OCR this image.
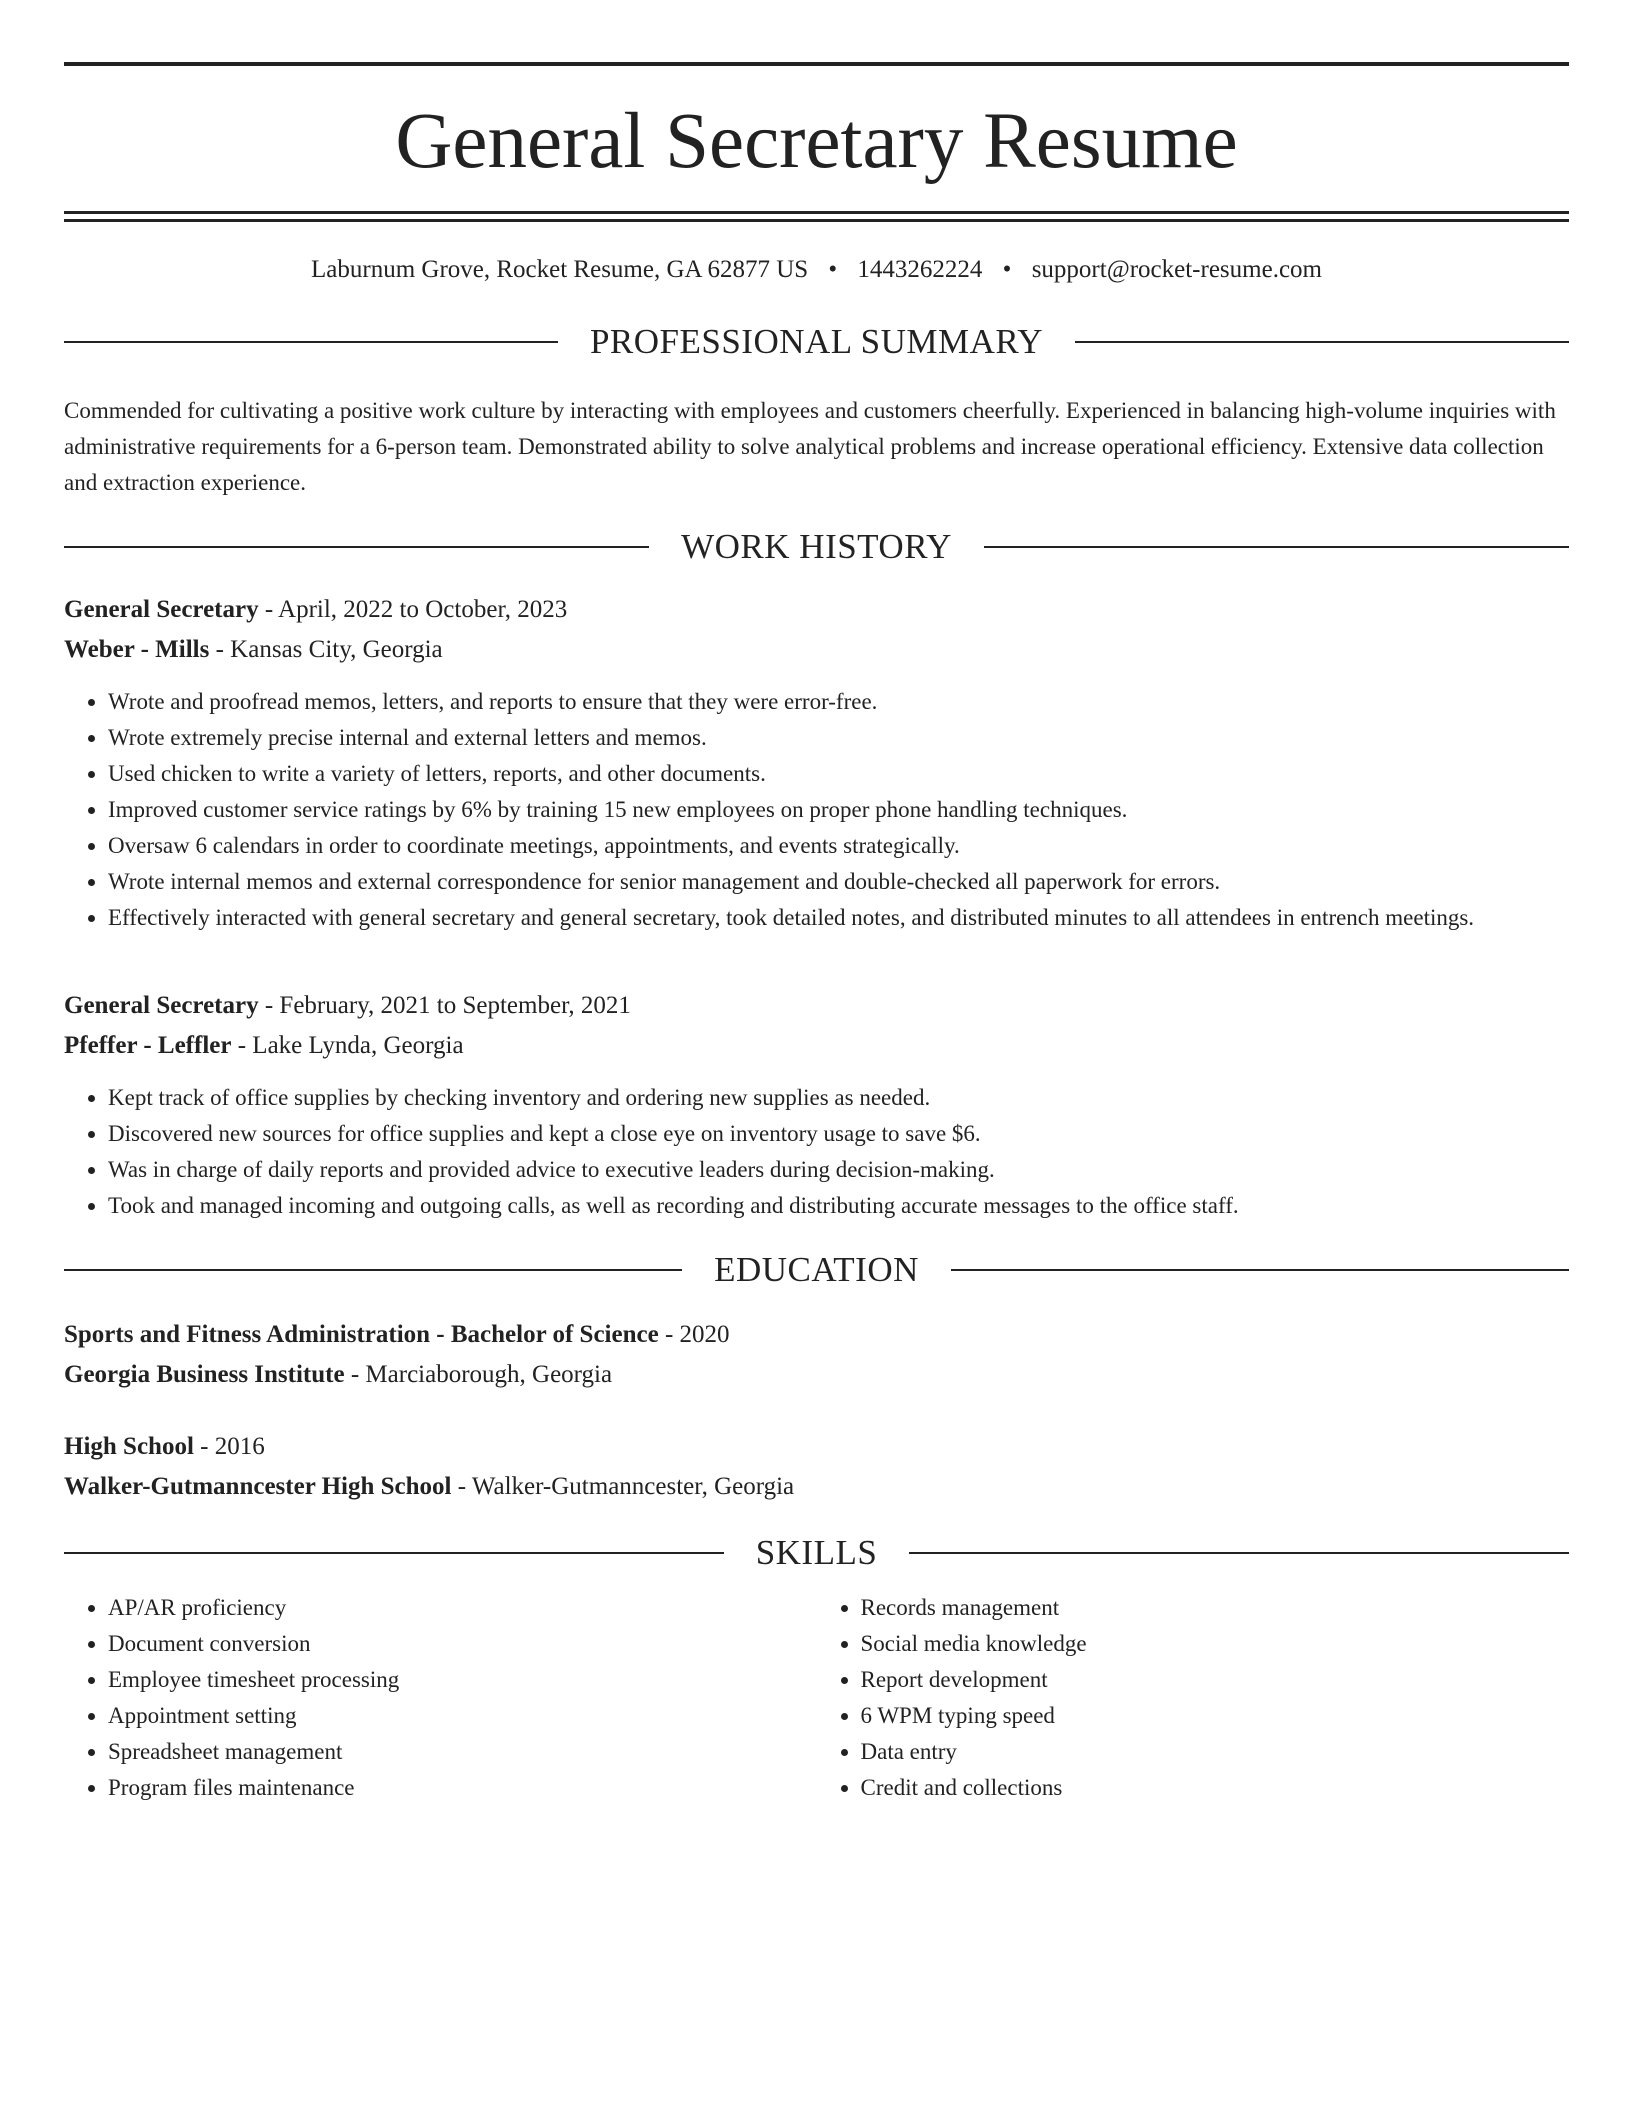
General Secretary Resume
Laburnum Grove, Rocket Resume, GA 62877 US • 1443262224 • support@rocket-resume.com
PROFESSIONAL SUMMARY
Commended for cultivating a positive work culture by interacting with employees and customers cheerfully. Experienced in balancing high-volume inquiries with administrative requirements for a 6-person team. Demonstrated ability to solve analytical problems and increase operational efficiency. Extensive data collection and extraction experience.
WORK HISTORY
General Secretary - April, 2022 to October, 2023
Weber - Mills - Kansas City, Georgia
• Wrote and proofread memos, letters, and reports to ensure that they were error-free.
• Wrote extremely precise internal and external letters and memos.
• Used chicken to write a variety of letters, reports, and other documents.
• Improved customer service ratings by 6% by training 15 new employees on proper phone handling techniques.
• Oversaw 6 calendars in order to coordinate meetings, appointments, and events strategically.
• Wrote internal memos and external correspondence for senior management and double-checked all paperwork for errors.
• Effectively interacted with general secretary and general secretary, took detailed notes, and distributed minutes to all attendees in entrench meetings.
General Secretary - February, 2021 to September, 2021
Pfeffer - Leffler - Lake Lynda, Georgia
• Kept track of office supplies by checking inventory and ordering new supplies as needed.
• Discovered new sources for office supplies and kept a close eye on inventory usage to save $6.
• Was in charge of daily reports and provided advice to executive leaders during decision-making.
• Took and managed incoming and outgoing calls, as well as recording and distributing accurate messages to the office staff.
EDUCATION
Sports and Fitness Administration - Bachelor of Science - 2020
Georgia Business Institute - Marciaborough, Georgia
High School - 2016
Walker-Gutmanncester High School - Walker-Gutmanncester, Georgia
SKILLS
• AP/AR proficiency
• Document conversion
• Employee timesheet processing
• Appointment setting
• Spreadsheet management
• Program files maintenance
• Records management
• Social media knowledge
• Report development
• 6 WPM typing speed
• Data entry
• Credit and collections
